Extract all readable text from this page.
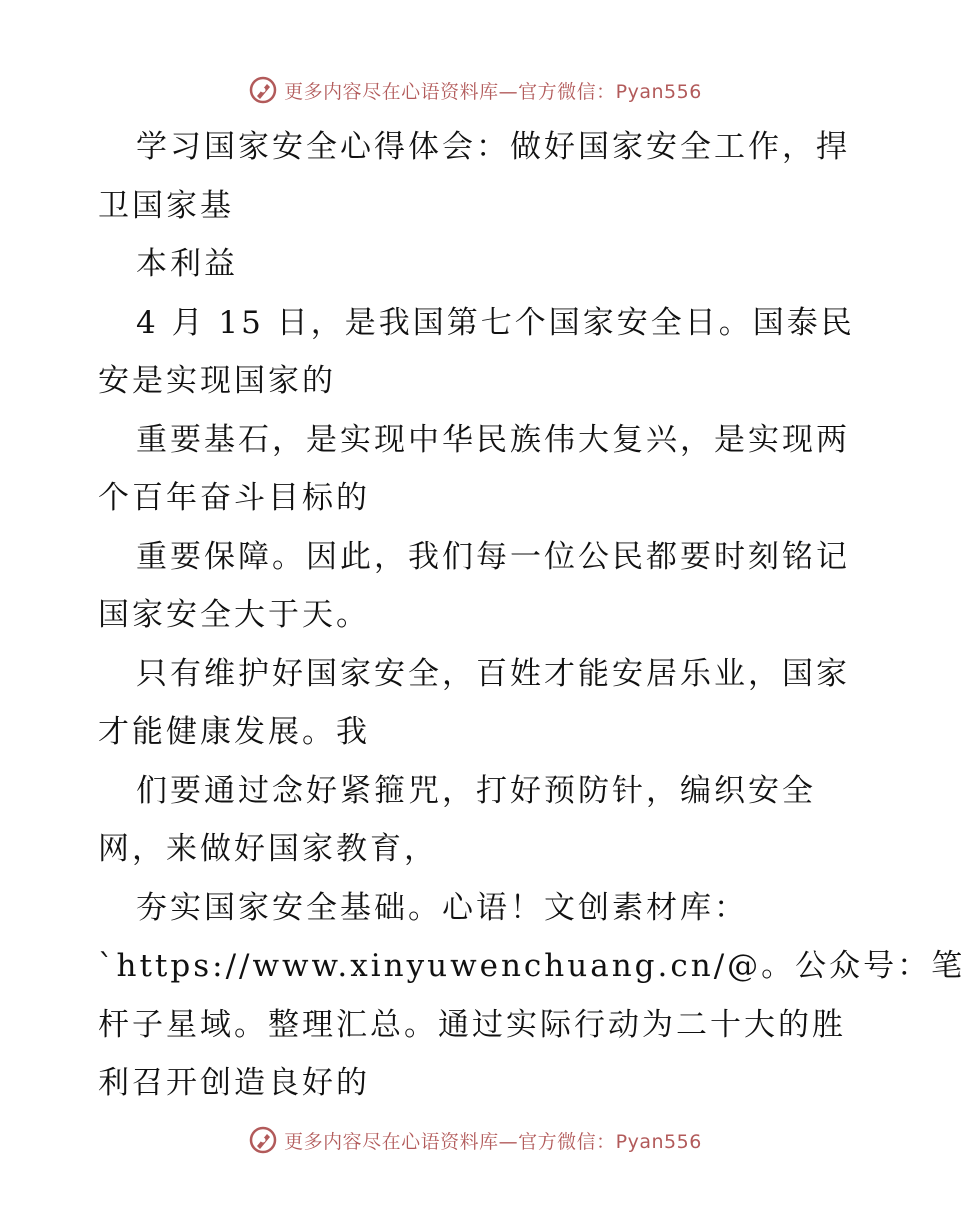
更多内容尽在心语资料库—官方微信：Pyan556
学习国家安全心得体会：做好国家安全工作，捍
卫国家基
本利益
4 月 15 日，是我国第七个国家安全日。国泰民
安是实现国家的
重要基石，是实现中华民族伟大复兴，是实现两
个百年奋斗目标的
重要保障。因此，我们每一位公民都要时刻铭记
国家安全大于天。
只有维护好国家安全，百姓才能安居乐业，国家
才能健康发展。我
们要通过念好紧箍咒，打好预防针，编织安全
网，来做好国家教育，
夯实国家安全基础。心语！文创素材库：
`https://www.xinyuwenchuang.cn/@。公众号：笔
杆子星域。整理汇总。通过实际行动为二十大的胜
利召开创造良好的
更多内容尽在心语资料库—官方微信：Pyan556
